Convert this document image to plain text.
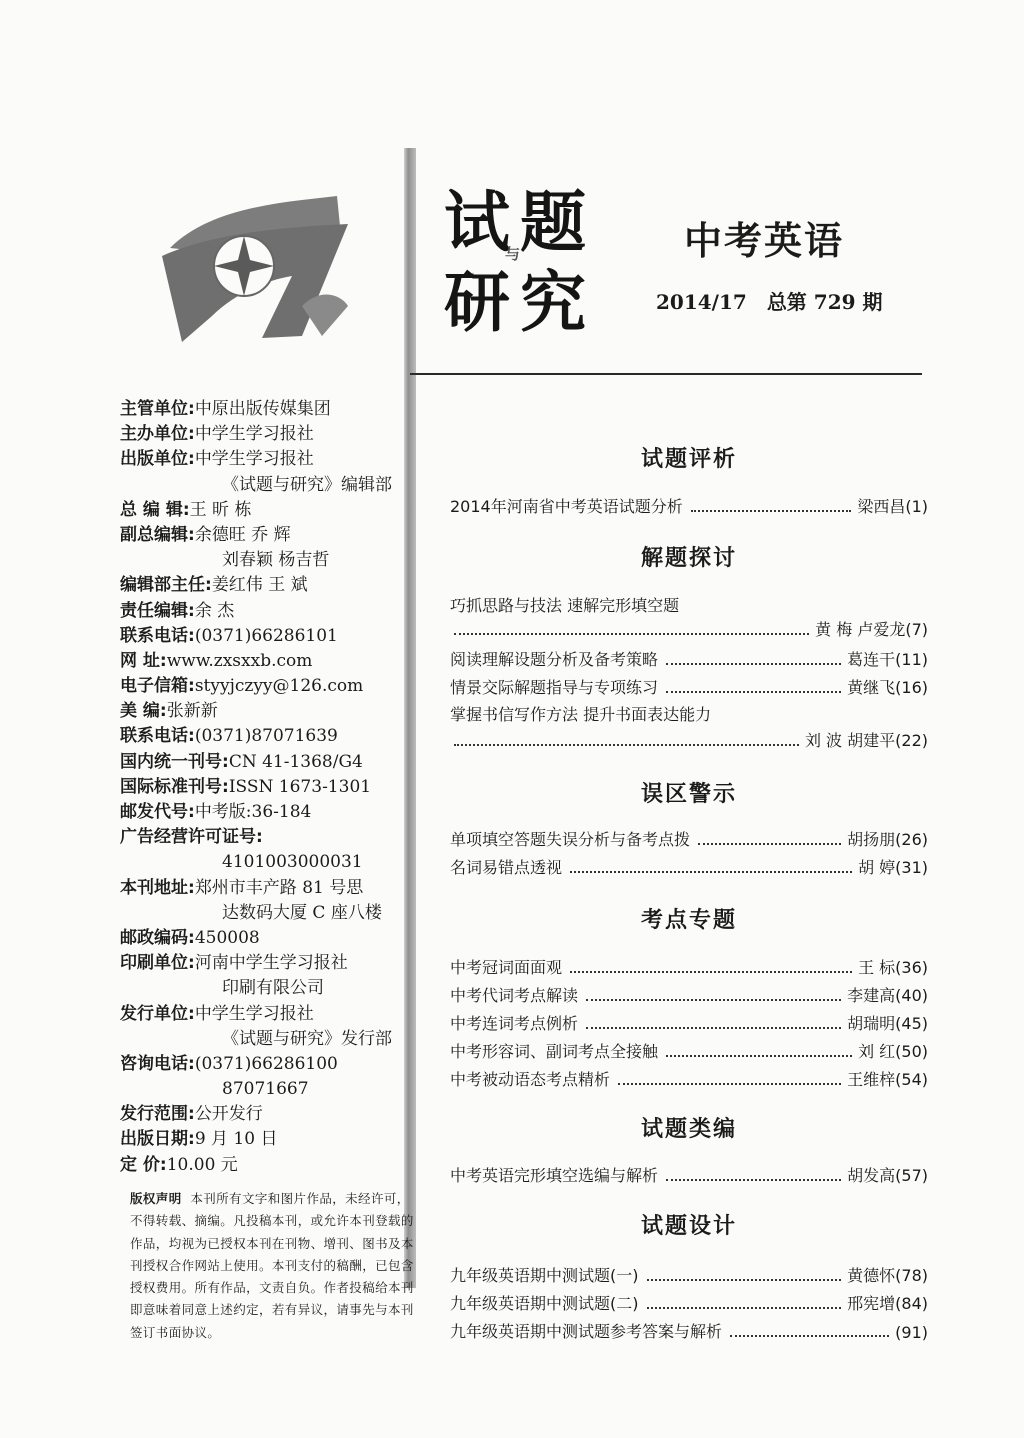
试 题
研 究
与	中考英语
2014/17 总第 729 期
主管单位:中原出版传媒集团
主办单位:中学生学习报社
出版单位:中学生学习报社
《试题与研究》编辑部
总 编 辑:王 昕 栋
副总编辑:余德旺 乔 辉
刘春颖 杨吉哲
编辑部主任:姜红伟 王 斌
责任编辑:余 杰
联系电话:(0371)66286101
网 址:www.zxsxxb.com
电子信箱:styyjczyy@126.com
美 编:张新新
联系电话:(0371)87071639
国内统一刊号:CN 41-1368/G4
国际标准刊号:ISSN 1673-1301
邮发代号:中考版:36-184
广告经营许可证号:
4101003000031
本刊地址:郑州市丰产路 81 号思
达数码大厦 C 座八楼
邮政编码:450008
印刷单位:河南中学生学习报社
印刷有限公司
发行单位:中学生学习报社
《试题与研究》发行部
咨询电话:(0371)66286100
87071667
发行范围:公开发行
出版日期:9 月 10 日
定 价:10.00 元
版权声明 本刊所有文字和图片作品，未经许可，不得转载、摘编。凡投稿本刊，或允许本刊登载的作品，均视为已授权本刊在刊物、增刊、图书及本刊授权合作网站上使用。本刊支付的稿酬，已包含授权费用。所有作品，文责自负。作者投稿给本刊即意味着同意上述约定，若有异议，请事先与本刊签订书面协议。
试题评析
2014年河南省中考英语试题分析	梁西昌(1)
解题探讨
巧抓思路与技法 速解完形填空题
黄 梅 卢爱龙(7)
阅读理解设题分析及备考策略	葛连干(11)
情景交际解题指导与专项练习	黄继飞(16)
掌握书信写作方法 提升书面表达能力
刘 波 胡建平(22)
误区警示
单项填空答题失误分析与备考点拨	胡扬朋(26)
名词易错点透视	胡 婷(31)
考点专题
中考冠词面面观	王 标(36)
中考代词考点解读	李建高(40)
中考连词考点例析	胡瑞明(45)
中考形容词、副词考点全接触	刘 红(50)
中考被动语态考点精析	王维梓(54)
试题类编
中考英语完形填空选编与解析	胡发高(57)
试题设计
九年级英语期中测试题(一)	黄德怀(78)
九年级英语期中测试题(二)	邢宪增(84)
九年级英语期中测试题参考答案与解析	(91)
